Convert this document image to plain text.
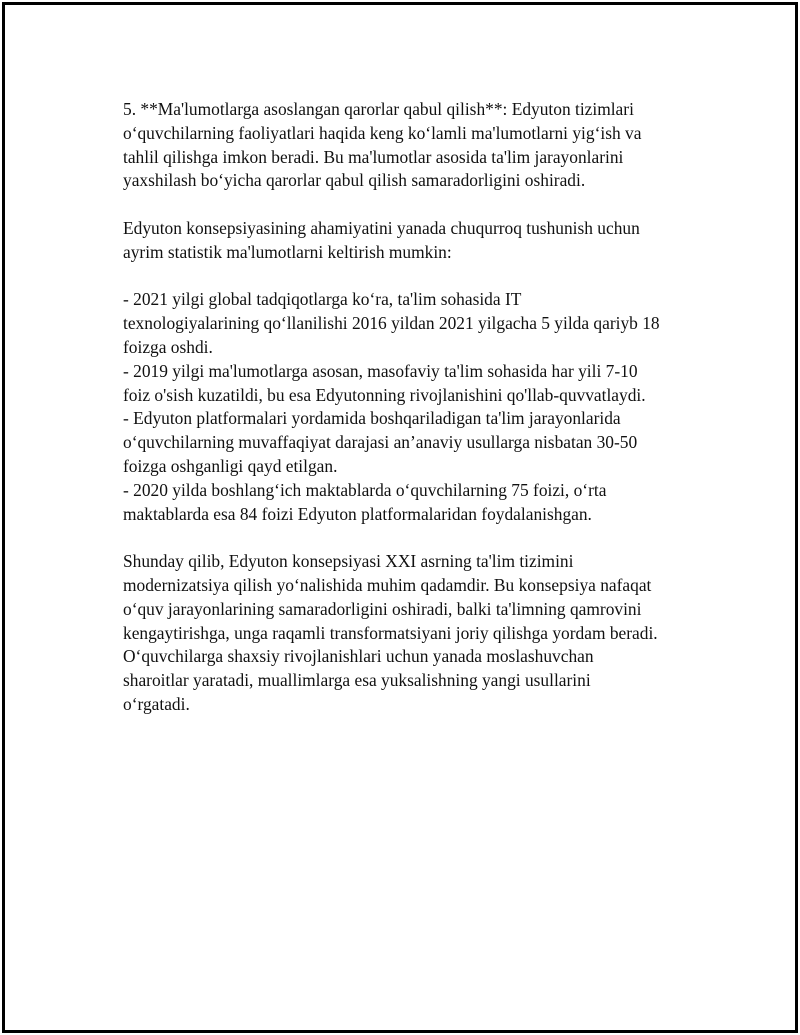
5. **Ma'lumotlarga asoslangan qarorlar qabul qilish**: Edyuton tizimlari

o‘quvchilarning faoliyatlari haqida keng ko‘lamli ma'lumotlarni yig‘ish va

tahlil qilishga imkon beradi. Bu ma'lumotlar asosida ta'lim jarayonlarini

yaxshilash bo‘yicha qarorlar qabul qilish samaradorligini oshiradi.

Edyuton konsepsiyasining ahamiyatini yanada chuqurroq tushunish uchun

ayrim statistik ma'lumotlarni keltirish mumkin:

- 2021 yilgi global tadqiqotlarga ko‘ra, ta'lim sohasida IT

texnologiyalarining qo‘llanilishi 2016 yildan 2021 yilgacha 5 yilda qariyb 18

foizga oshdi.

- 2019 yilgi ma'lumotlarga asosan, masofaviy ta'lim sohasida har yili 7-10

foiz o'sish kuzatildi, bu esa Edyutonning rivojlanishini qo'llab-quvvatlaydi.

- Edyuton platformalari yordamida boshqariladigan ta'lim jarayonlarida

o‘quvchilarning muvaffaqiyat darajasi an’anaviy usullarga nisbatan 30-50

foizga oshganligi qayd etilgan.

- 2020 yilda boshlang‘ich maktablarda o‘quvchilarning 75 foizi, o‘rta

maktablarda esa 84 foizi Edyuton platformalaridan foydalanishgan.

Shunday qilib, Edyuton konsepsiyasi XXI asrning ta'lim tizimini

modernizatsiya qilish yo‘nalishida muhim qadamdir. Bu konsepsiya nafaqat

o‘quv jarayonlarining samaradorligini oshiradi, balki ta'limning qamrovini

kengaytirishga, unga raqamli transformatsiyani joriy qilishga yordam beradi.

O‘quvchilarga shaxsiy rivojlanishlari uchun yanada moslashuvchan

sharoitlar yaratadi, muallimlarga esa yuksalishning yangi usullarini

o‘rgatadi.
